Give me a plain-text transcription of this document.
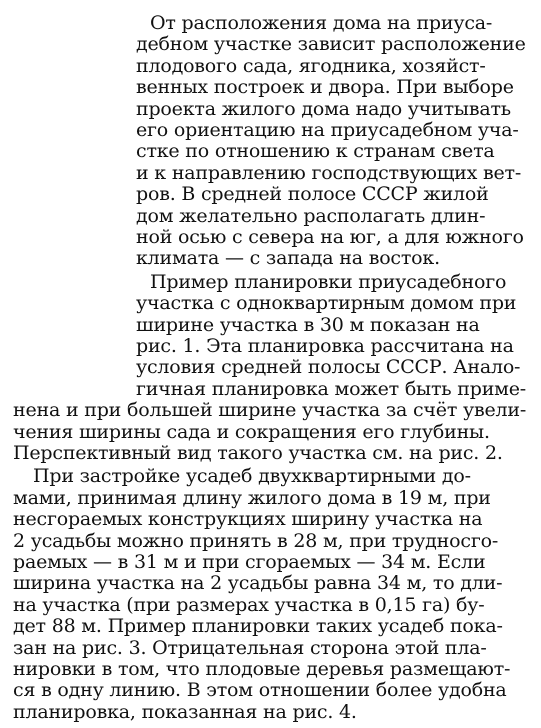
От расположения дома на приуса-
дебном участке зависит расположение
плодового сада, ягодника, хозяйст-
венных построек и двора. При выборе
проекта жилого дома надо учитывать
его ориентацию на приусадебном уча-
стке по отношению к странам света
и к направлению господствующих вет-
ров. В средней полосе СССР жилой
дом желательно располагать длин-
ной осью с севера на юг, а для южного
климата — с запада на восток.
Пример планировки приусадебного
участка с одноквартирным домом при
ширине участка в 30 м показан на
рис. 1. Эта планировка рассчитана на
условия средней полосы СССР. Анало-
гичная планировка может быть приме-
нена и при большей ширине участка за счёт увели-
чения ширины сада и сокращения его глубины.
Перспективный вид такого участка см. на рис. 2.
При застройке усадеб двухквартирными до-
мами, принимая длину жилого дома в 19 м, при
несгораемых конструкциях ширину участка на
2 усадьбы можно принять в 28 м, при трудносго-
раемых — в 31 м и при сгораемых — 34 м. Если
ширина участка на 2 усадьбы равна 34 м, то дли-
на участка (при размерах участка в 0,15 га) бу-
дет 88 м. Пример планировки таких усадеб пока-
зан на рис. 3. Отрицательная сторона этой пла-
нировки в том, что плодовые деревья размещают-
ся в одну линию. В этом отношении более удобна
планировка, показанная на рис. 4.
